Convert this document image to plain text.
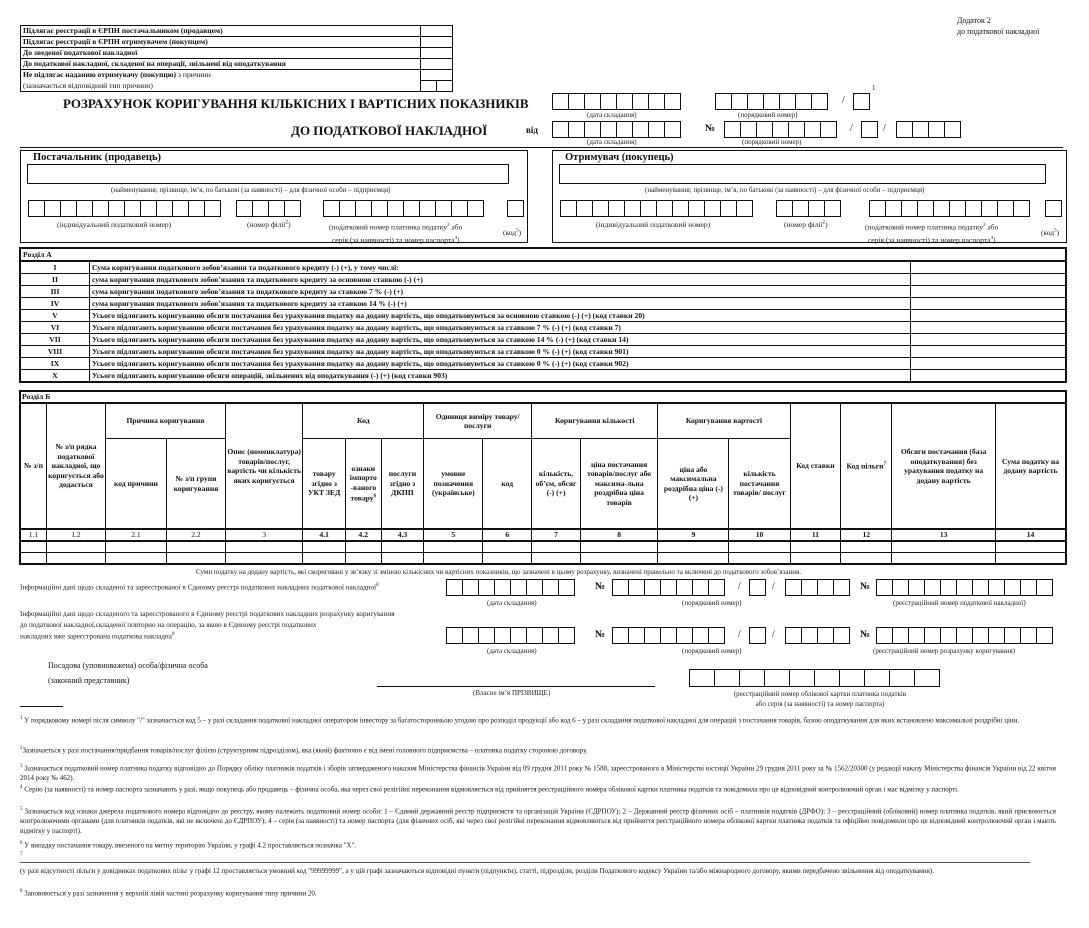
Додаток 2
до податкової накладної
Підлягає реєстрації в ЄРПН постачальником (продавцем)		
Підлягає реєстрації в ЄРПН отримувачем (покупцем)		
До зведеної податкової накладної		
До податкової накладної, складеної на операції, звільнені від оподаткування		
Не підлягає наданню отримувачу (покупцю) з причини		
(зазначається відповідний тип причини)		
РОЗРАХУНОК КОРИГУВАННЯ КІЛЬКІСНИХ І ВАРТІСНИХ ПОКАЗНИКІВ
ДО ПОДАТКОВОЇ НАКЛАДНОЇ	від
(дата складання)
/
1
(порядковий номер)
(дата складання)
№	/	/
(порядковий номер)
Постачальник (продавець)
(найменування; прізвище, ім’я, по батькові (за наявності) – для фізичної особи – підприємця)
(індивідуальний податковий номер)	(номер філії$^2$)	(податковий номер платника податку$^3$ або
серія (за наявності) та номер паспорта$^4$)
(код$^5$)
Отримувач (покупець)
(найменування; прізвище, ім’я, по батькові (за наявності) – для фізичної особи – підприємця)
(індивідуальний податковий номер)	(номер філії$^2$)	(податковий номер платника податку$^3$ або
серія (за наявності) та номер паспорта$^4$)
(код$^5$)
Розділ А		
I	Сума коригування податкового зобов’язання та податкового кредиту (-) (+), у тому числі:	
II	сума коригування податкового зобов’язання та податкового кредиту за основною ставкою (-) (+)	
III	сума коригування податкового зобов’язання та податкового кредиту за ставкою 7 % (-) (+)	
IV	сума коригування податкового зобов’язання та податкового кредиту за ставкою 14 % (-) (+)	
V	Усього підлягають коригуванню обсяги постачання без урахування податку на додану вартість, що оподатковуються за основною ставкою (-) (+) (код ставки 20)	
VI	Усього підлягають коригуванню обсяги постачання без урахування податку на додану вартість, що оподатковуються за ставкою 7 % (-) (+) (код ставки 7)	
VII	Усього підлягають коригуванню обсяги постачання без урахування податку на додану вартість, що оподатковуються за ставкою 14 % (-) (+) (код ставки 14)	
VIII	Усього підлягають коригуванню обсяги постачання без урахування податку на додану вартість, що оподатковуються за ставкою 0 % (-) (+) (код ставки 901)	
IX	Усього підлягають коригуванню обсяги постачання без урахування податку на додану вартість, що оподатковуються за ставкою 0 % (-) (+) (код ставки 902)	
X	Усього підлягають коригуванню обсяги операцій, звільнених від оподаткування (-) (+) (код ставки 903)	
Розділ Б																	
№ з/п	№ з/п рядка податкової накладної, що коригується або додається	Причина коригування		Опис (номенклатура) товарів/послуг, вартість чи кількість яких коригується	Код			Одиниця виміру товару/послуги		Коригування кількості		Коригування вартості		Код ставки	Код пільги$^7$	Обсяги постачання (база оподаткування) без урахування податку на додану вартість	Сума податку на додану вартість
		код причини	№ з/п групи коригування		товару згідно з УКТ ЗЕД	ознаки імпорто -ваного товару$^6$	послуги згідно з ДКПП	умовне позначення (українське)	код	кількість, об’єм, обсяг (-) (+)	ціна постачання товарів/послуг або максима-льна роздрібна ціна товарів	ціна або максимальна роздрібна ціна (-) (+)	кількість постачання товарів/ послуг				
1.1	1.2	2.1	2.2	3	4.1	4.2	4.3	5	6	7	8	9	10	11	12	13	14

Суми податку на додану вартість, які скориговані у зв’язку зі зміною кількісних чи вартісних показників, що зазначені в цьому розрахунку, визначені правильно та включені до податкового зобов’язання.
Інформаційні дані щодо складеної та зареєстрованої в Єдиному реєстрі податкових накладних податкової накладної$^8$
(дата складання)
№	/	/
(порядковий номер)
№
(реєстраційний номер податкової накладної)
Інформаційні дані щодо складеного та зареєстрованого в Єдиному реєстрі податкових накладних розрахунку коригування
до податкової накладної,складеної повторно на операцію, за якою в Єдиному реєстрі податкових
накладних вже зареєстрована податкова накладна$^8$
(дата складання)
№	/	/
(порядковий номер)
№
(реєстраційний номер розрахунку коригування)
Посадова (уповноважена) особа/фізична особа
(законний представник)
(Власне ім’я ПРІЗВИЩЕ)	(реєстраційний номер облікової картки платника податків
або серія (за наявності) та номер паспорта)
$^1$ У порядковому номері після символу "/" зазначається код 5 – у разі складання податкової накладної оператором інвестору за багатосторонньою угодою про розподіл продукції або код 6 – у разі складання податкової накладної для операцій з постачання товарів, базою оподаткування для яких встановлено максимальні роздрібні ціни.
$^2$Зазначається у разі постачання/придбання товарів/послуг філією (структурним підрозділом), яка (який) фактично є від імені головного підприємства – платника податку стороною договору.
$^3$ Зазначається податковий номер платника податку відповідно до Порядку обліку платників податків і зборів затвердженого наказом Міністерства фінансів України від 09 грудня 2011 року № 1588, зареєстрованого в Міністерстві юстиції України 29 грудня 2011 року за № 1562/20300 (у редакції наказу Міністерства фінансів України від 22 квітня 2014 року № 462).
$^4$ Серію (за наявності) та номер паспорта зазначають у разі, якщо покупець або продавець – фізична особа, яка через свої релігійні переконання відмовляється від прийняття реєстраційного номера облікової картки платника податків та повідомила про це відповідний контролюючий орган і має відмітку у паспорті.
$^5$ Зазначається код ознаки джерела податкового номера відповідно до реєстру, якому належить податковий номер особи: 1 – Єдиний державний реєстр підприємств та організацій України (ЄДРПОУ); 2 – Державний реєстр фізичних осіб – платників податків (ДРФО); 3 – реєстраційний (обліковий) номер платника податків, який присвоюється контролюючими органами (для платників податків, які не включені до ЄДРПОУ); 4 – серія (за наявності) та номер паспорта (для фізичних осіб, які через свої релігійні переконання відмовляються від прийняття реєстраційного номера облікової картки платника податків та офіційно повідомили про це відповідний контролюючий орган і мають відмітку у паспорті).
$^6$ У випадку постачання товару, ввезеного на митну територію України, у графі 4.2 проставляється позначка "Х".
$^7$
(у разі відсутності пільги у довідниках податкових пільг у графі 12 проставляється умовний код "99999999", а у цій графі зазначаються відповідні пункти (підпункти), статті, підрозділи, розділи Податкового кодексу України та/або міжнародного договору, якими передбачено звільнення від оподаткування).
$^8$ Заповнюється у разі зазначення у верхній лівій частині розрахунку коригування типу причини 20.
